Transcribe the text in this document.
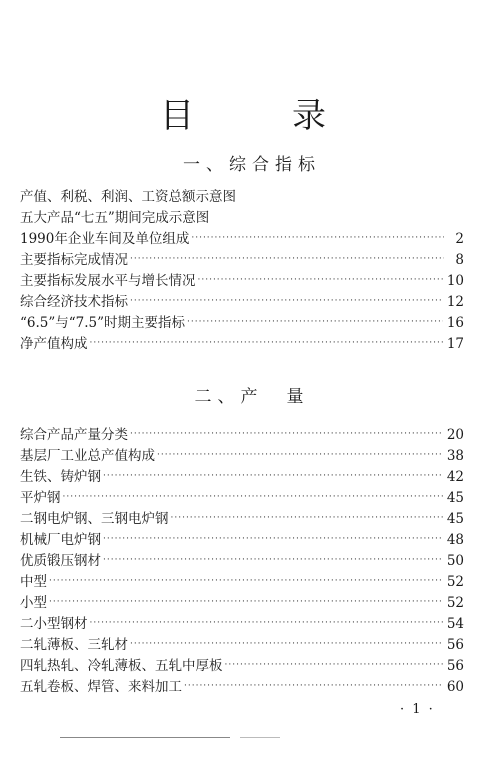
目	录
一、综合指标
产值、利税、利润、工资总额示意图
五大产品“七五”期间完成示意图
1990年企业车间及单位组成 ·····	2
主要指标完成情况 ·····	8
主要指标发展水平与增长情况 ·····	10
综合经济技术指标 ·····	12
“6.5”与“7.5”时期主要指标 ·····	16
净产值构成 ·····	17
二、产　量
综合产品产量分类 ·····	20
基层厂工业总产值构成 ·····	38
生铁、铸炉钢 ·····	42
平炉钢 ·····	45
二钢电炉钢、三钢电炉钢 ·····	45
机械厂电炉钢 ·····	48
优质锻压钢材 ·····	50
中型 ·····	52
小型 ·····	52
二小型钢材 ·····	54
二轧薄板、三轧材 ·····	56
四轧热轧、冷轧薄板、五轧中厚板 ·····	56
五轧卷板、焊管、来料加工 ·····	60
· 1 ·
